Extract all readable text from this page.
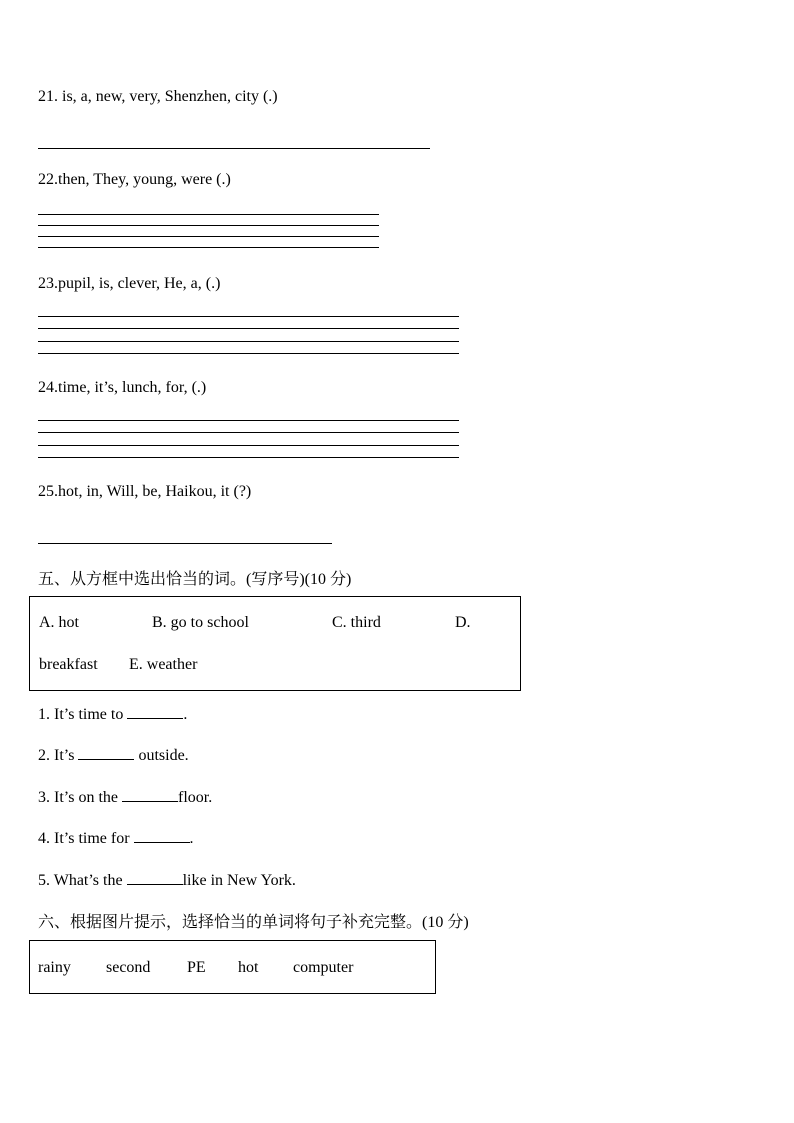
21. is, a, new, very, Shenzhen, city (.)
22.then, They, young, were (.)
23.pupil, is, clever, He, a, (.)
24.time, it’s, lunch, for, (.)
25.hot, in, Will, be, Haikou, it (?)
五、从方框中选出恰当的词。(写序号)(10 分)
A. hot	B. go to school	C. third	D.
breakfast E. weather
1. It’s time to	.
2. It’s	outside.
3. It’s on the	floor.
4. It’s time for	.
5. What’s the	like in New York.
六、根据图片提示，选择恰当的单词将句子补充完整。(10 分)
rainy second PE hot computer
